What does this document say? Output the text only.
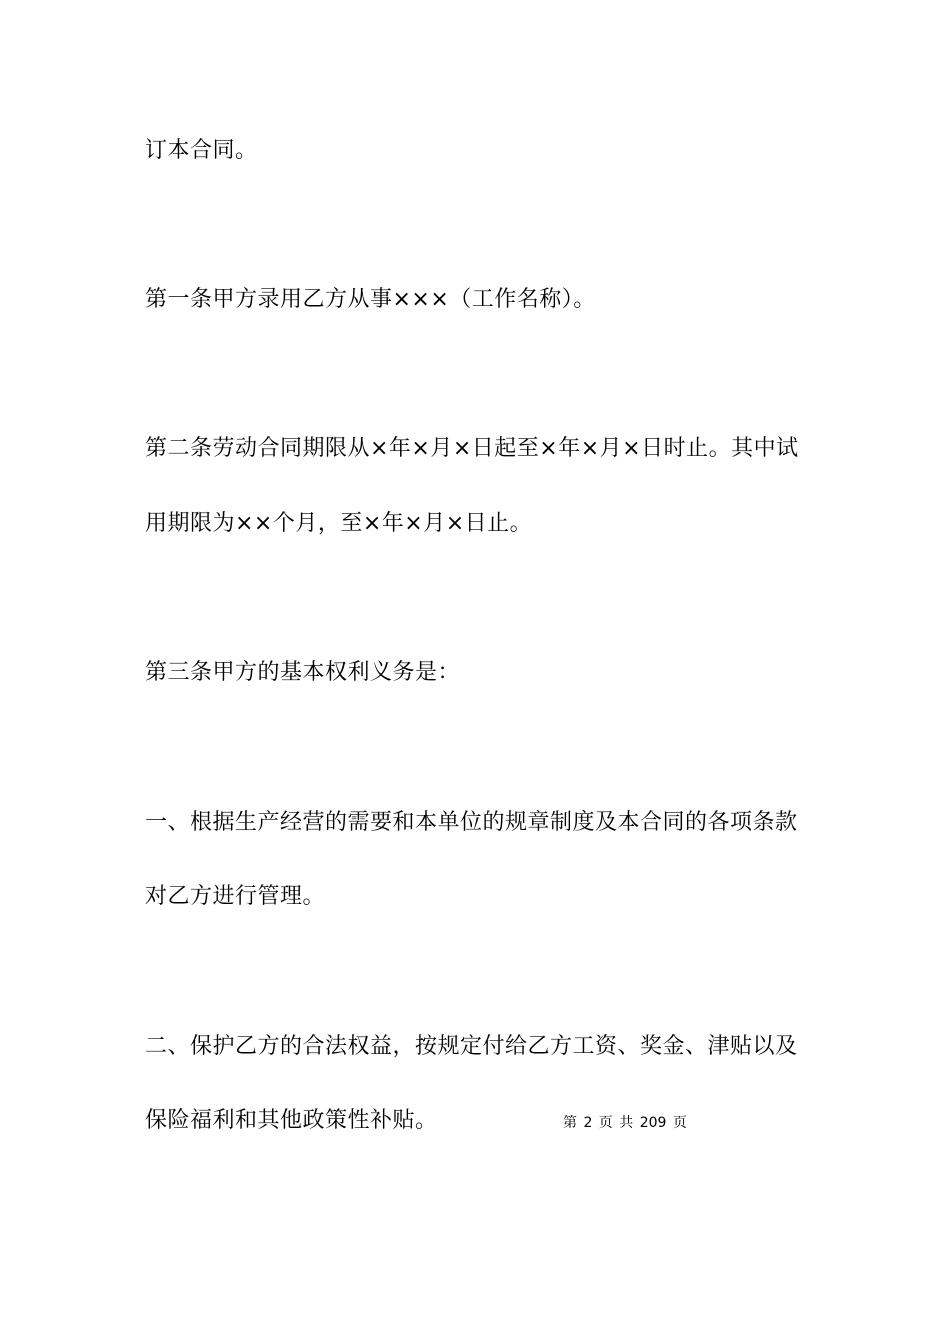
订本合同。
第一条甲方录用乙方从事×××（工作名称）。
第二条劳动合同期限从×年×月×日起至×年×月×日时止。其中试
用期限为××个月，至×年×月×日止。
第三条甲方的基本权利义务是：
一、根据生产经营的需要和本单位的规章制度及本合同的各项条款
对乙方进行管理。
二、保护乙方的合法权益，按规定付给乙方工资、奖金、津贴以及
保险福利和其他政策性补贴。	第 2 页 共 209 页
